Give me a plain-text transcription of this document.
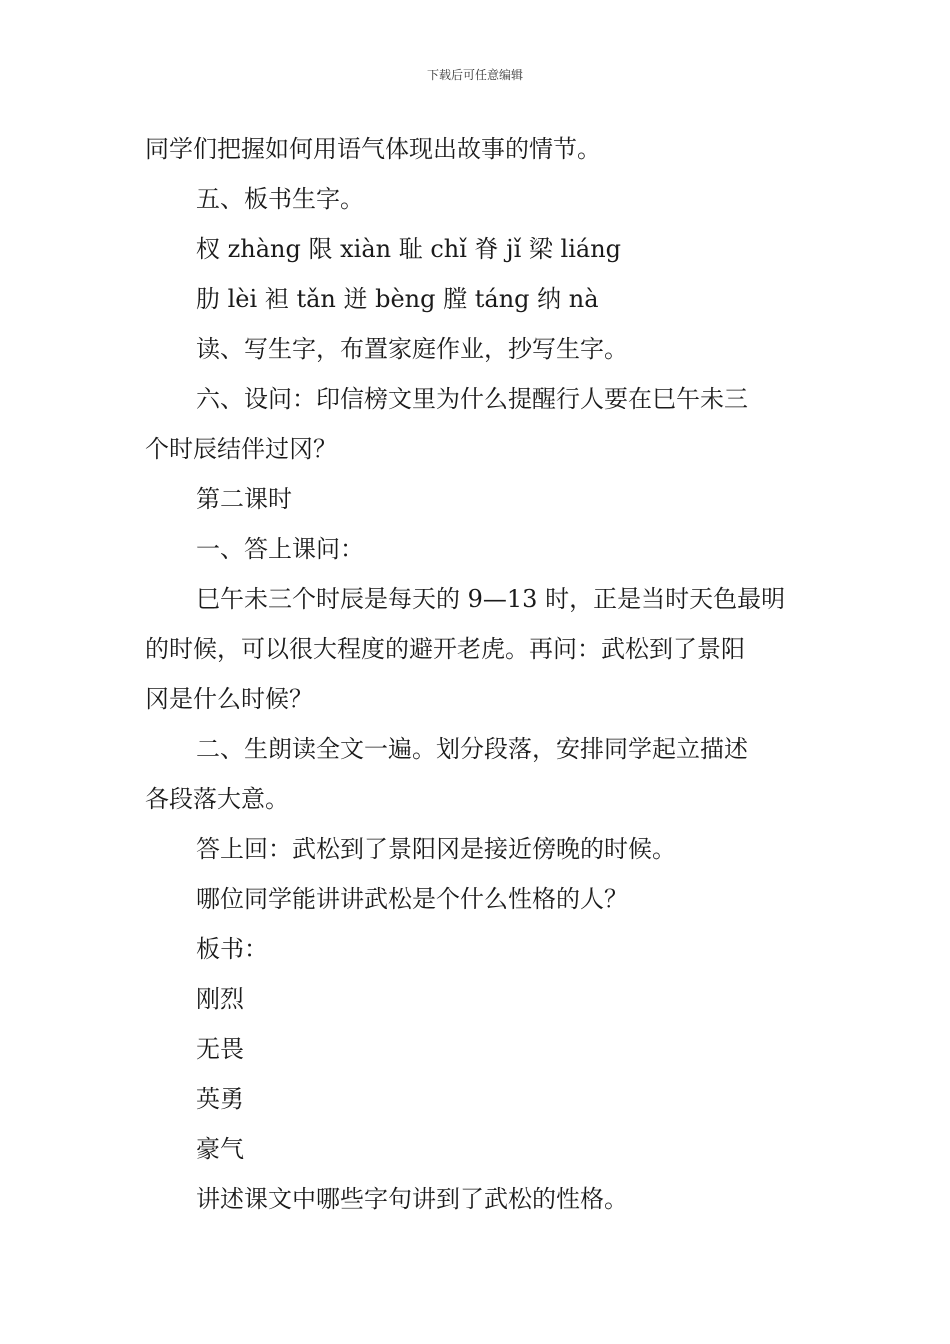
下载后可任意编辑
同学们把握如何用语气体现出故事的情节。
五、板书生字。
杈 zhàng 限 xiàn 耻 chǐ 脊 jǐ 梁 liáng
肋 lèi 袒 tǎn 迸 bèng 膛 táng 纳 nà
读、写生字，布置家庭作业，抄写生字。
六、设问：印信榜文里为什么提醒行人要在巳午未三
个时辰结伴过冈？
第二课时
一、答上课问：
巳午未三个时辰是每天的 9—13 时，正是当时天色最明
的时候，可以很大程度的避开老虎。再问：武松到了景阳
冈是什么时候？
二、生朗读全文一遍。划分段落，安排同学起立描述
各段落大意。
答上回：武松到了景阳冈是接近傍晚的时候。
哪位同学能讲讲武松是个什么性格的人？
板书：
刚烈
无畏
英勇
豪气
讲述课文中哪些字句讲到了武松的性格。
